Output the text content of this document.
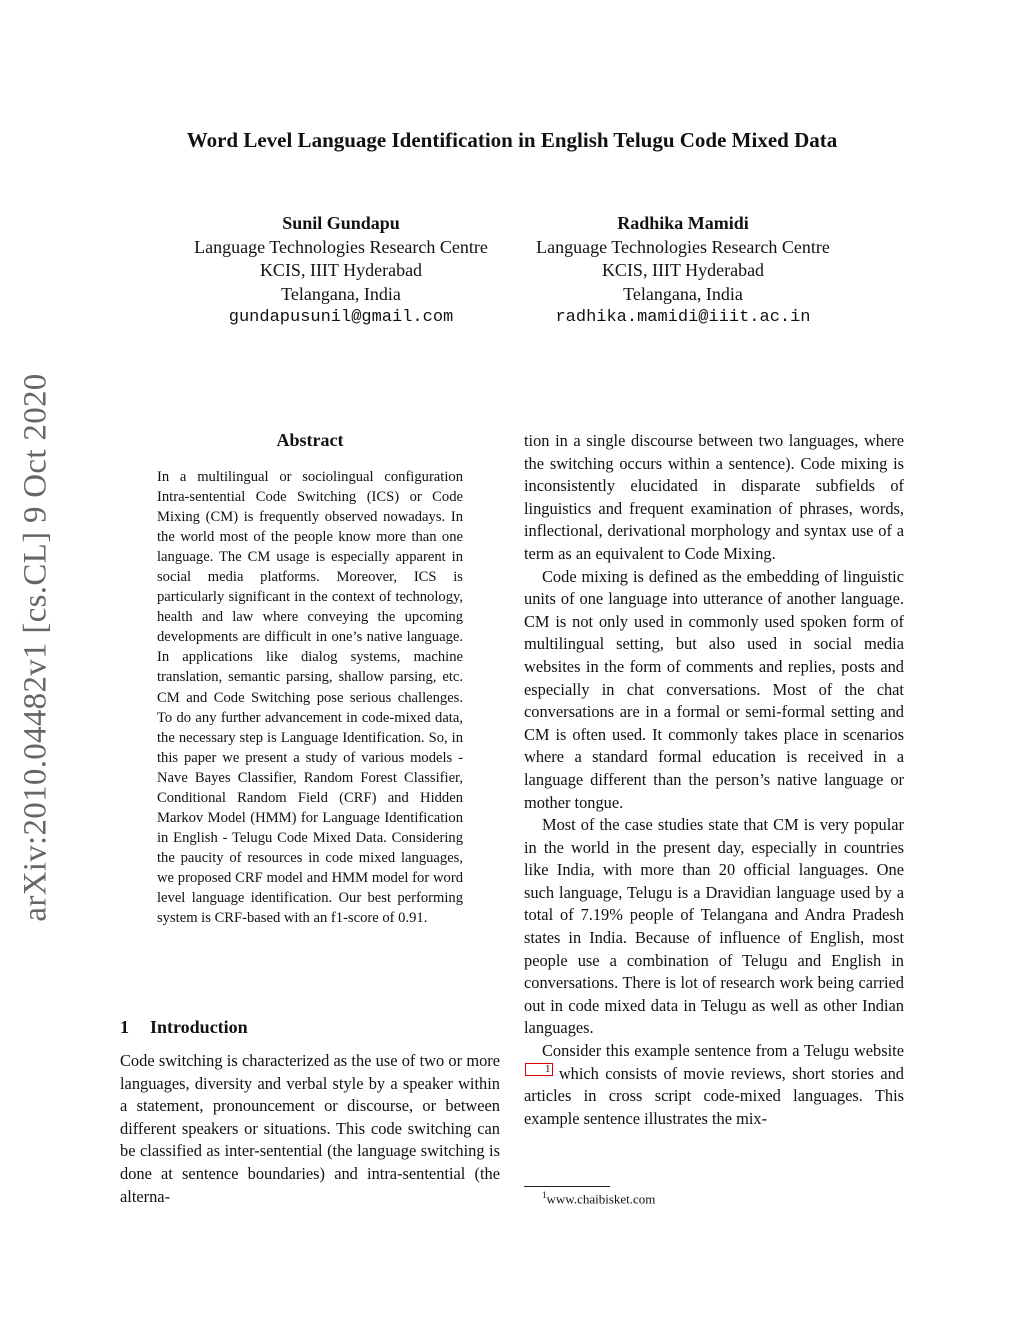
Word Level Language Identification in English Telugu Code Mixed Data
Sunil Gundapu
Language Technologies Research Centre
KCIS, IIIT Hyderabad
Telangana, India
gundapusunil@gmail.com
Radhika Mamidi
Language Technologies Research Centre
KCIS, IIIT Hyderabad
Telangana, India
radhika.mamidi@iiit.ac.in
arXiv:2010.04482v1 [cs.CL] 9 Oct 2020	Abstract

In a multilingual or sociolingual configuration Intra-sentential Code Switching (ICS) or Code Mixing (CM) is frequently observed nowadays. In the world most of the people know more than one language. The CM usage is especially apparent in social media platforms. Moreover, ICS is particularly significant in the context of technology, health and law where conveying the upcoming developments are difficult in one’s native language. In applications like dialog systems, machine translation, semantic parsing, shallow parsing, etc. CM and Code Switching pose serious challenges. To do any further advancement in code-mixed data, the necessary step is Language Identification. So, in this paper we present a study of various models - Nave Bayes Classifier, Random Forest Classifier, Conditional Random Field (CRF) and Hidden Markov Model (HMM) for Language Identification in English - Telugu Code Mixed Data. Considering the paucity of resources in code mixed languages, we proposed CRF model and HMM model for word level language identification. Our best performing system is CRF-based with an f1-score of 0.91.

1 Introduction

Code switching is characterized as the use of two or more languages, diversity and verbal style by a speaker within a statement, pronouncement or discourse, or between different speakers or situations. This code switching can be classified as inter-sentential (the language switching is done at sentence boundaries) and intra-sentential (the alterna-

tion in a single discourse between two languages, where the switching occurs within a sentence). Code mixing is inconsistently elucidated in disparate subfields of linguistics and frequent examination of phrases, words, inflectional, derivational morphology and syntax use of a term as an equivalent to Code Mixing.

Code mixing is defined as the embedding of linguistic units of one language into utterance of another language. CM is not only used in commonly used spoken form of multilingual setting, but also used in social media websites in the form of comments and replies, posts and especially in chat conversations. Most of the chat conversations are in a formal or semi-formal setting and CM is often used. It commonly takes place in scenarios where a standard formal education is received in a language different than the person’s native language or mother tongue.

Most of the case studies state that CM is very popular in the world in the present day, especially in countries like India, with more than 20 official languages. One such language, Telugu is a Dravidian language used by a total of 7.19% people of Telangana and Andra Pradesh states in India. Because of influence of English, most people use a combination of Telugu and English in conversations. There is lot of research work being carried out in code mixed data in Telugu as well as other Indian languages.

Consider this example sentence from a Telugu website1 which consists of movie reviews, short stories and articles in cross script code-mixed languages. This example sentence illustrates the mix-

$^1$www.chaibisket.com
